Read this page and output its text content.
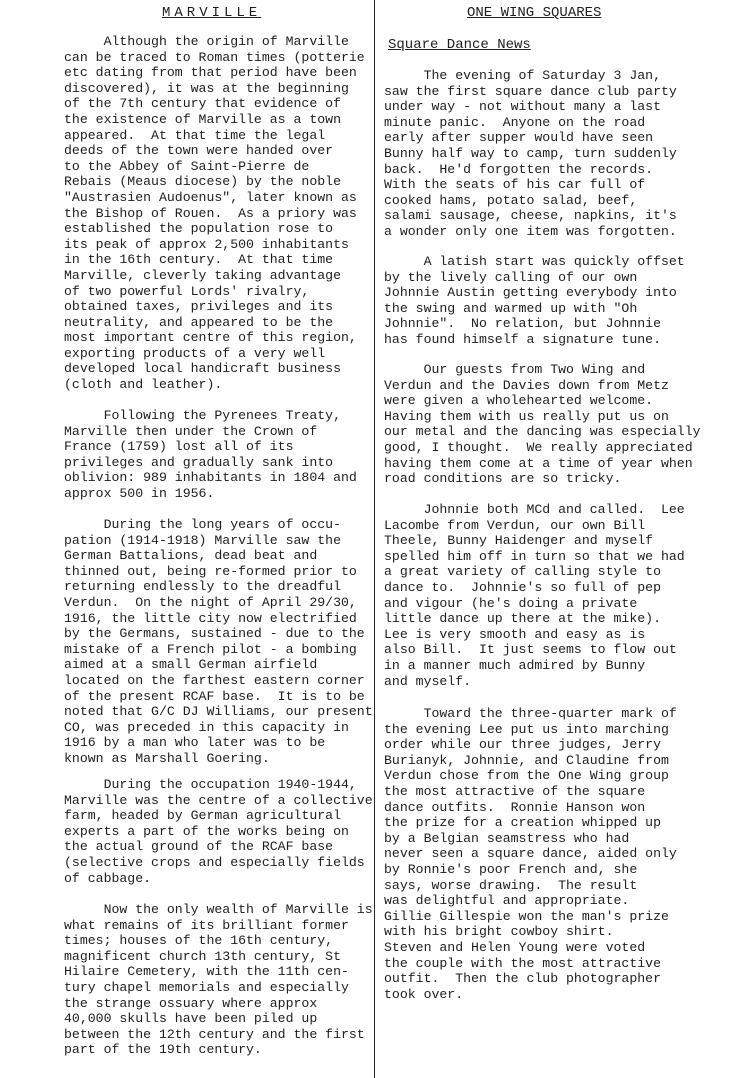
MARVILLE	ONE WING SQUARES

Although the origin of Marville
can be traced to Roman times (potterie
etc dating from that period have been
discovered), it was at the beginning
of the 7th century that evidence of
the existence of Marville as a town
appeared.  At that time the legal
deeds of the town were handed over
to the Abbey of Saint-Pierre de
Rebais (Meaus diocese) by the noble
"Austrasien Audoenus", later known as
the Bishop of Rouen.  As a priory was
established the population rose to
its peak of approx 2,500 inhabitants
in the 16th century.  At that time
Marville, cleverly taking advantage
of two powerful Lords' rivalry,
obtained taxes, privileges and its
neutrality, and appeared to be the
most important centre of this region,
exporting products of a very well
developed local handicraft business
(cloth and leather).

Following the Pyrenees Treaty,
Marville then under the Crown of
France (1759) lost all of its
privileges and gradually sank into
oblivion: 989 inhabitants in 1804 and
approx 500 in 1956.

During the long years of occu-
pation (1914-1918) Marville saw the
German Battalions, dead beat and
thinned out, being re-formed prior to
returning endlessly to the dreadful
Verdun.  On the night of April 29/30,
1916, the little city now electrified
by the Germans, sustained - due to the
mistake of a French pilot - a bombing
aimed at a small German airfield
located on the farthest eastern corner
of the present RCAF base.  It is to be
noted that G/C DJ Williams, our present
CO, was preceded in this capacity in
1916 by a man who later was to be
known as Marshall Goering.

During the occupation 1940-1944,
Marville was the centre of a collective
farm, headed by German agricultural
experts a part of the works being on
the actual ground of the RCAF base
(selective crops and especially fields
of cabbage.

Now the only wealth of Marville is
what remains of its brilliant former
times; houses of the 16th century,
magnificent church 13th century, St
Hilaire Cemetery, with the 11th cen-
tury chapel memorials and especially
the strange ossuary where approx
40,000 skulls have been piled up
between the 12th century and the first
part of the 19th century.

Square Dance News

The evening of Saturday 3 Jan,
saw the first square dance club party
under way - not without many a last
minute panic.  Anyone on the road
early after supper would have seen
Bunny half way to camp, turn suddenly
back.  He'd forgotten the records.
With the seats of his car full of
cooked hams, potato salad, beef,
salami sausage, cheese, napkins, it's
a wonder only one item was forgotten.

A latish start was quickly offset
by the lively calling of our own
Johnnie Austin getting everybody into
the swing and warmed up with "Oh
Johnnie".  No relation, but Johnnie
has found himself a signature tune.

Our guests from Two Wing and
Verdun and the Davies down from Metz
were given a wholehearted welcome.
Having them with us really put us on
our metal and the dancing was especially
good, I thought.  We really appreciated
having them come at a time of year when
road conditions are so tricky.

Johnnie both MCd and called.  Lee
Lacombe from Verdun, our own Bill
Theele, Bunny Haidenger and myself
spelled him off in turn so that we had
a great variety of calling style to
dance to.  Johnnie's so full of pep
and vigour (he's doing a private
little dance up there at the mike).
Lee is very smooth and easy as is
also Bill.  It just seems to flow out
in a manner much admired by Bunny
and myself.

Toward the three-quarter mark of
the evening Lee put us into marching
order while our three judges, Jerry
Burianyk, Johnnie, and Claudine from
Verdun chose from the One Wing group
the most attractive of the square
dance outfits.  Ronnie Hanson won
the prize for a creation whipped up
by a Belgian seamstress who had
never seen a square dance, aided only
by Ronnie's poor French and, she
says, worse drawing.  The result
was delightful and appropriate.
Gillie Gillespie won the man's prize
with his bright cowboy shirt.
Steven and Helen Young were voted
the couple with the most attractive
outfit.  Then the club photographer
took over.
